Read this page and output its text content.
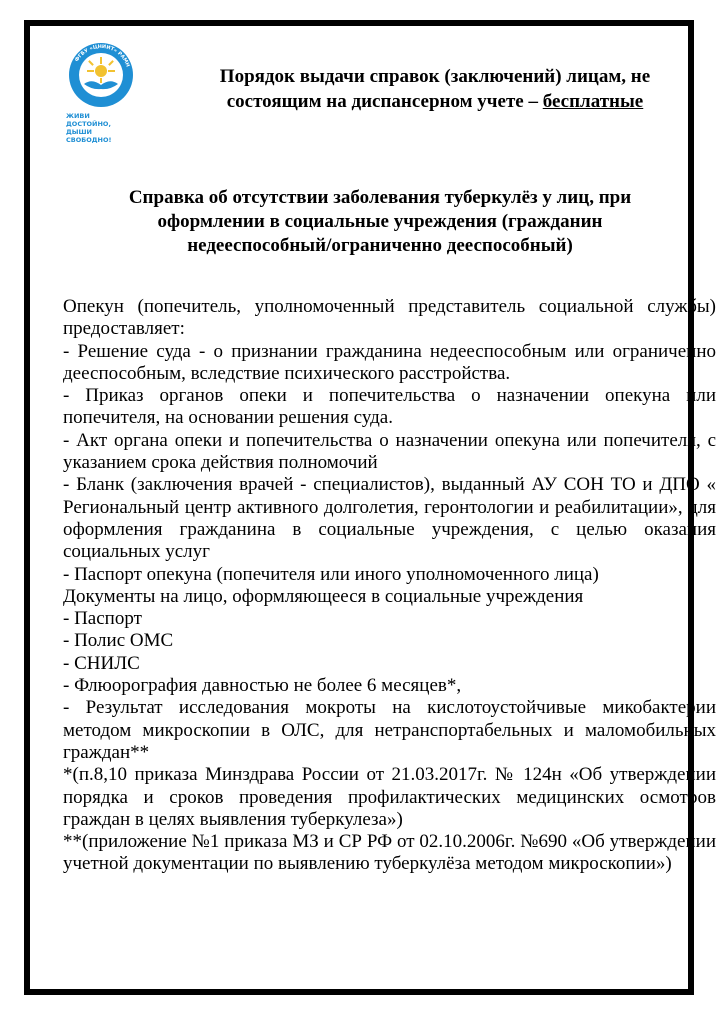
ФГБУ «ЦНИИТ» РАМН
ЖИВИ ДОСТОЙНО,
ДЫШИ СВОБОДНО!
Порядок выдачи справок (заключений) лицам, не
состоящим на диспансерном учете – бесплатные
Справка об отсутствии заболевания туберкулёз у лиц, при
оформлении в социальные учреждения (гражданин
недееспособный/ограниченно дееспособный)

Опекун (попечитель, уполномоченный представитель социальной службы) предоставляет:

- Решение суда - о признании гражданина недееспособным или ограниченно дееспособным, вследствие психического расстройства.

- Приказ органов опеки и попечительства о назначении опекуна или попечителя, на основании решения суда.

- Акт органа опеки и попечительства о назначении опекуна или попечителя, с указанием срока действия полномочий

- Бланк (заключения врачей - специалистов), выданный АУ СОН ТО и ДПО « Региональный центр активного долголетия, геронтологии и реабилитации», для оформления гражданина в социальные учреждения, с целью оказания социальных услуг

- Паспорт опекуна (попечителя или иного уполномоченного лица)

Документы на лицо, оформляющееся в социальные учреждения

- Паспорт

- Полис ОМС

- СНИЛС

- Флюорография давностью не более 6 месяцев*,

- Результат исследования мокроты на кислотоустойчивые микобактерии методом микроскопии в ОЛС, для нетранспортабельных и маломобильных граждан**

*(п.8,10 приказа Минздрава России от 21.03.2017г. № 124н «Об утверждении порядка и сроков проведения профилактических медицинских осмотров граждан в целях выявления туберкулеза»)

**(приложение №1 приказа МЗ и СР РФ от 02.10.2006г. №690 «Об утверждении учетной документации по выявлению туберкулёза методом микроскопии»)
